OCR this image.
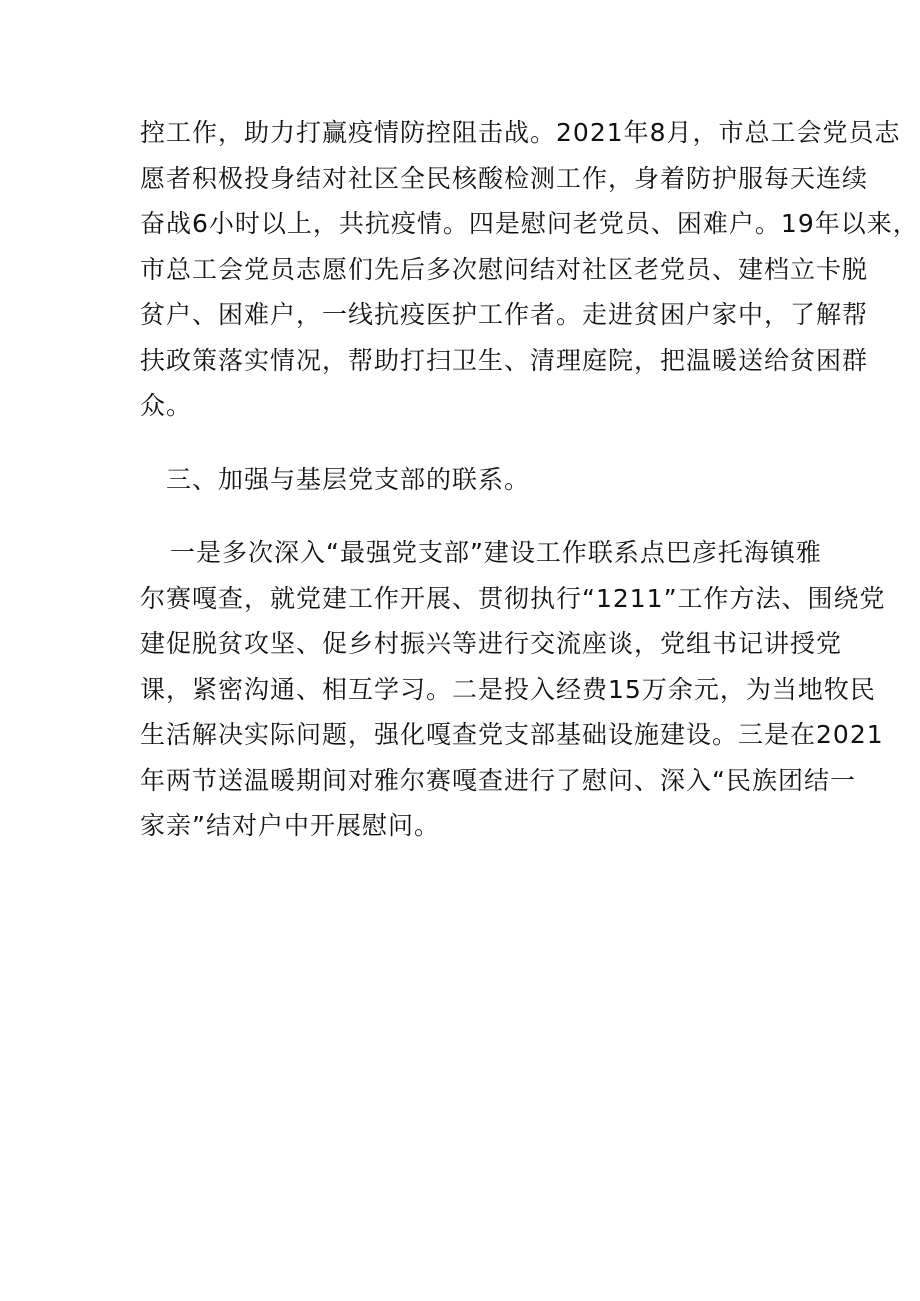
控工作，助力打赢疫情防控阻击战。2021年8月，市总工会党员志
愿者积极投身结对社区全民核酸检测工作，身着防护服每天连续
奋战6小时以上，共抗疫情。四是慰问老党员、困难户。19年以来，
市总工会党员志愿们先后多次慰问结对社区老党员、建档立卡脱
贫户、困难户，一线抗疫医护工作者。走进贫困户家中，了解帮
扶政策落实情况，帮助打扫卫生、清理庭院，把温暖送给贫困群
众。
三、加强与基层党支部的联系。
一是多次深入“最强党支部”建设工作联系点巴彦托海镇雅
尔赛嘎查，就党建工作开展、贯彻执行“1211”工作方法、围绕党
建促脱贫攻坚、促乡村振兴等进行交流座谈，党组书记讲授党
课，紧密沟通、相互学习。二是投入经费15万余元，为当地牧民
生活解决实际问题，强化嘎查党支部基础设施建设。三是在2021
年两节送温暖期间对雅尔赛嘎查进行了慰问、深入“民族团结一
家亲”结对户中开展慰问。
